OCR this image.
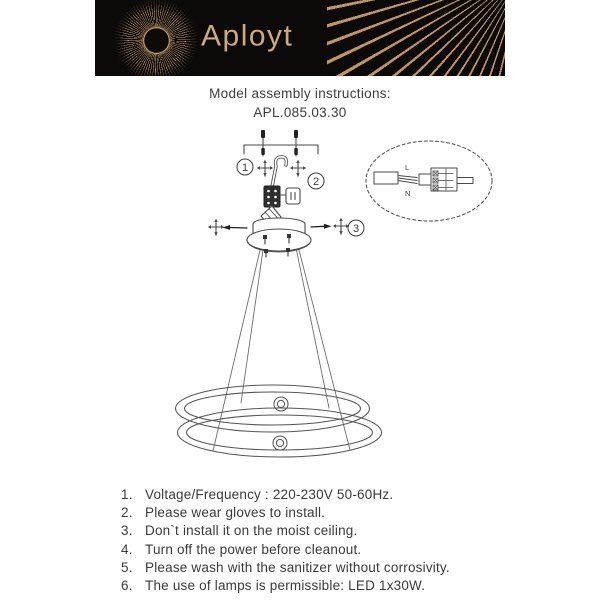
Aployt
Model assembly instructions:
APL.085.03.30
1
2
3
L
N
1. Voltage/Frequency : 220-230V 50-60Hz.
2. Please wear gloves to install.
3. Don`t install it on the moist ceiling.
4. Turn off the power before cleanout.
5. Please wash with the sanitizer without corrosivity.
6. The use of lamps is permissible: LED 1x30W.
